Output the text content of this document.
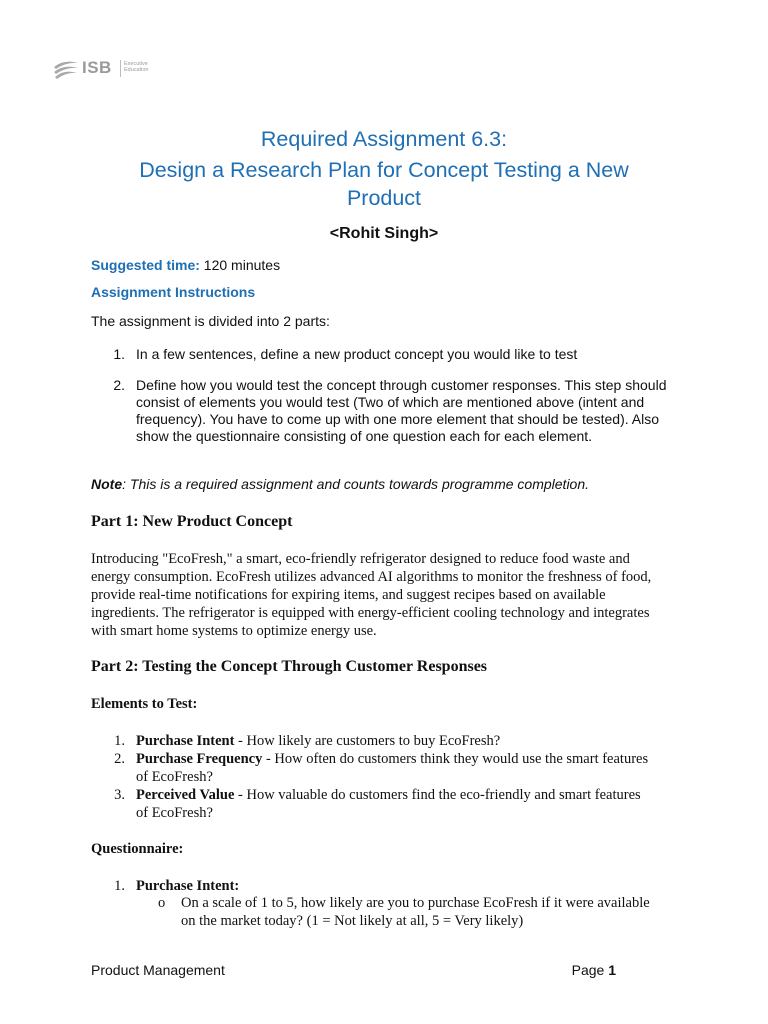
ISB Executive
Education
Required Assignment 6.3:
Design a Research Plan for Concept Testing a New
Product
<Rohit Singh>
Suggested time: 120 minutes
Assignment Instructions
The assignment is divided into 2 parts:
1. In a few sentences, define a new product concept you would like to test
2. Define how you would test the concept through customer responses. This step should
consist of elements you would test (Two of which are mentioned above (intent and
frequency). You have to come up with one more element that should be tested). Also
show the questionnaire consisting of one question each for each element.
Note: This is a required assignment and counts towards programme completion.
Part 1: New Product Concept
Introducing "EcoFresh," a smart, eco-friendly refrigerator designed to reduce food waste and
energy consumption. EcoFresh utilizes advanced AI algorithms to monitor the freshness of food,
provide real-time notifications for expiring items, and suggest recipes based on available
ingredients. The refrigerator is equipped with energy-efficient cooling technology and integrates
with smart home systems to optimize energy use.
Part 2: Testing the Concept Through Customer Responses
Elements to Test:
1. Purchase Intent - How likely are customers to buy EcoFresh?
2. Purchase Frequency - How often do customers think they would use the smart features
of EcoFresh?
3. Perceived Value - How valuable do customers find the eco-friendly and smart features
of EcoFresh?
Questionnaire:
1. Purchase Intent:
o On a scale of 1 to 5, how likely are you to purchase EcoFresh if it were available
on the market today? (1 = Not likely at all, 5 = Very likely)
Product Management	Page 1
